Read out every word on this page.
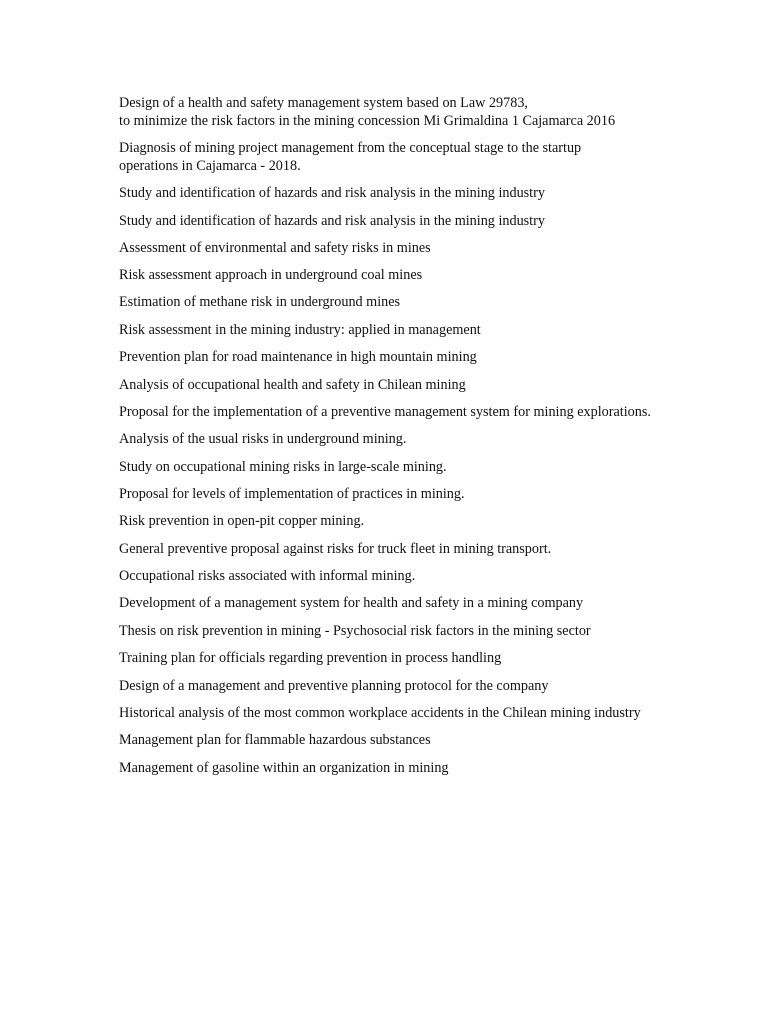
Design of a health and safety management system based on Law 29783,
to minimize the risk factors in the mining concession Mi Grimaldina 1 Cajamarca 2016

Diagnosis of mining project management from the conceptual stage to the startup
operations in Cajamarca - 2018.

Study and identification of hazards and risk analysis in the mining industry

Study and identification of hazards and risk analysis in the mining industry

Assessment of environmental and safety risks in mines

Risk assessment approach in underground coal mines

Estimation of methane risk in underground mines

Risk assessment in the mining industry: applied in management

Prevention plan for road maintenance in high mountain mining

Analysis of occupational health and safety in Chilean mining

Proposal for the implementation of a preventive management system for mining explorations.

Analysis of the usual risks in underground mining.

Study on occupational mining risks in large-scale mining.

Proposal for levels of implementation of practices in mining.

Risk prevention in open-pit copper mining.

General preventive proposal against risks for truck fleet in mining transport.

Occupational risks associated with informal mining.

Development of a management system for health and safety in a mining company

Thesis on risk prevention in mining - Psychosocial risk factors in the mining sector

Training plan for officials regarding prevention in process handling

Design of a management and preventive planning protocol for the company

Historical analysis of the most common workplace accidents in the Chilean mining industry

Management plan for flammable hazardous substances

Management of gasoline within an organization in mining
